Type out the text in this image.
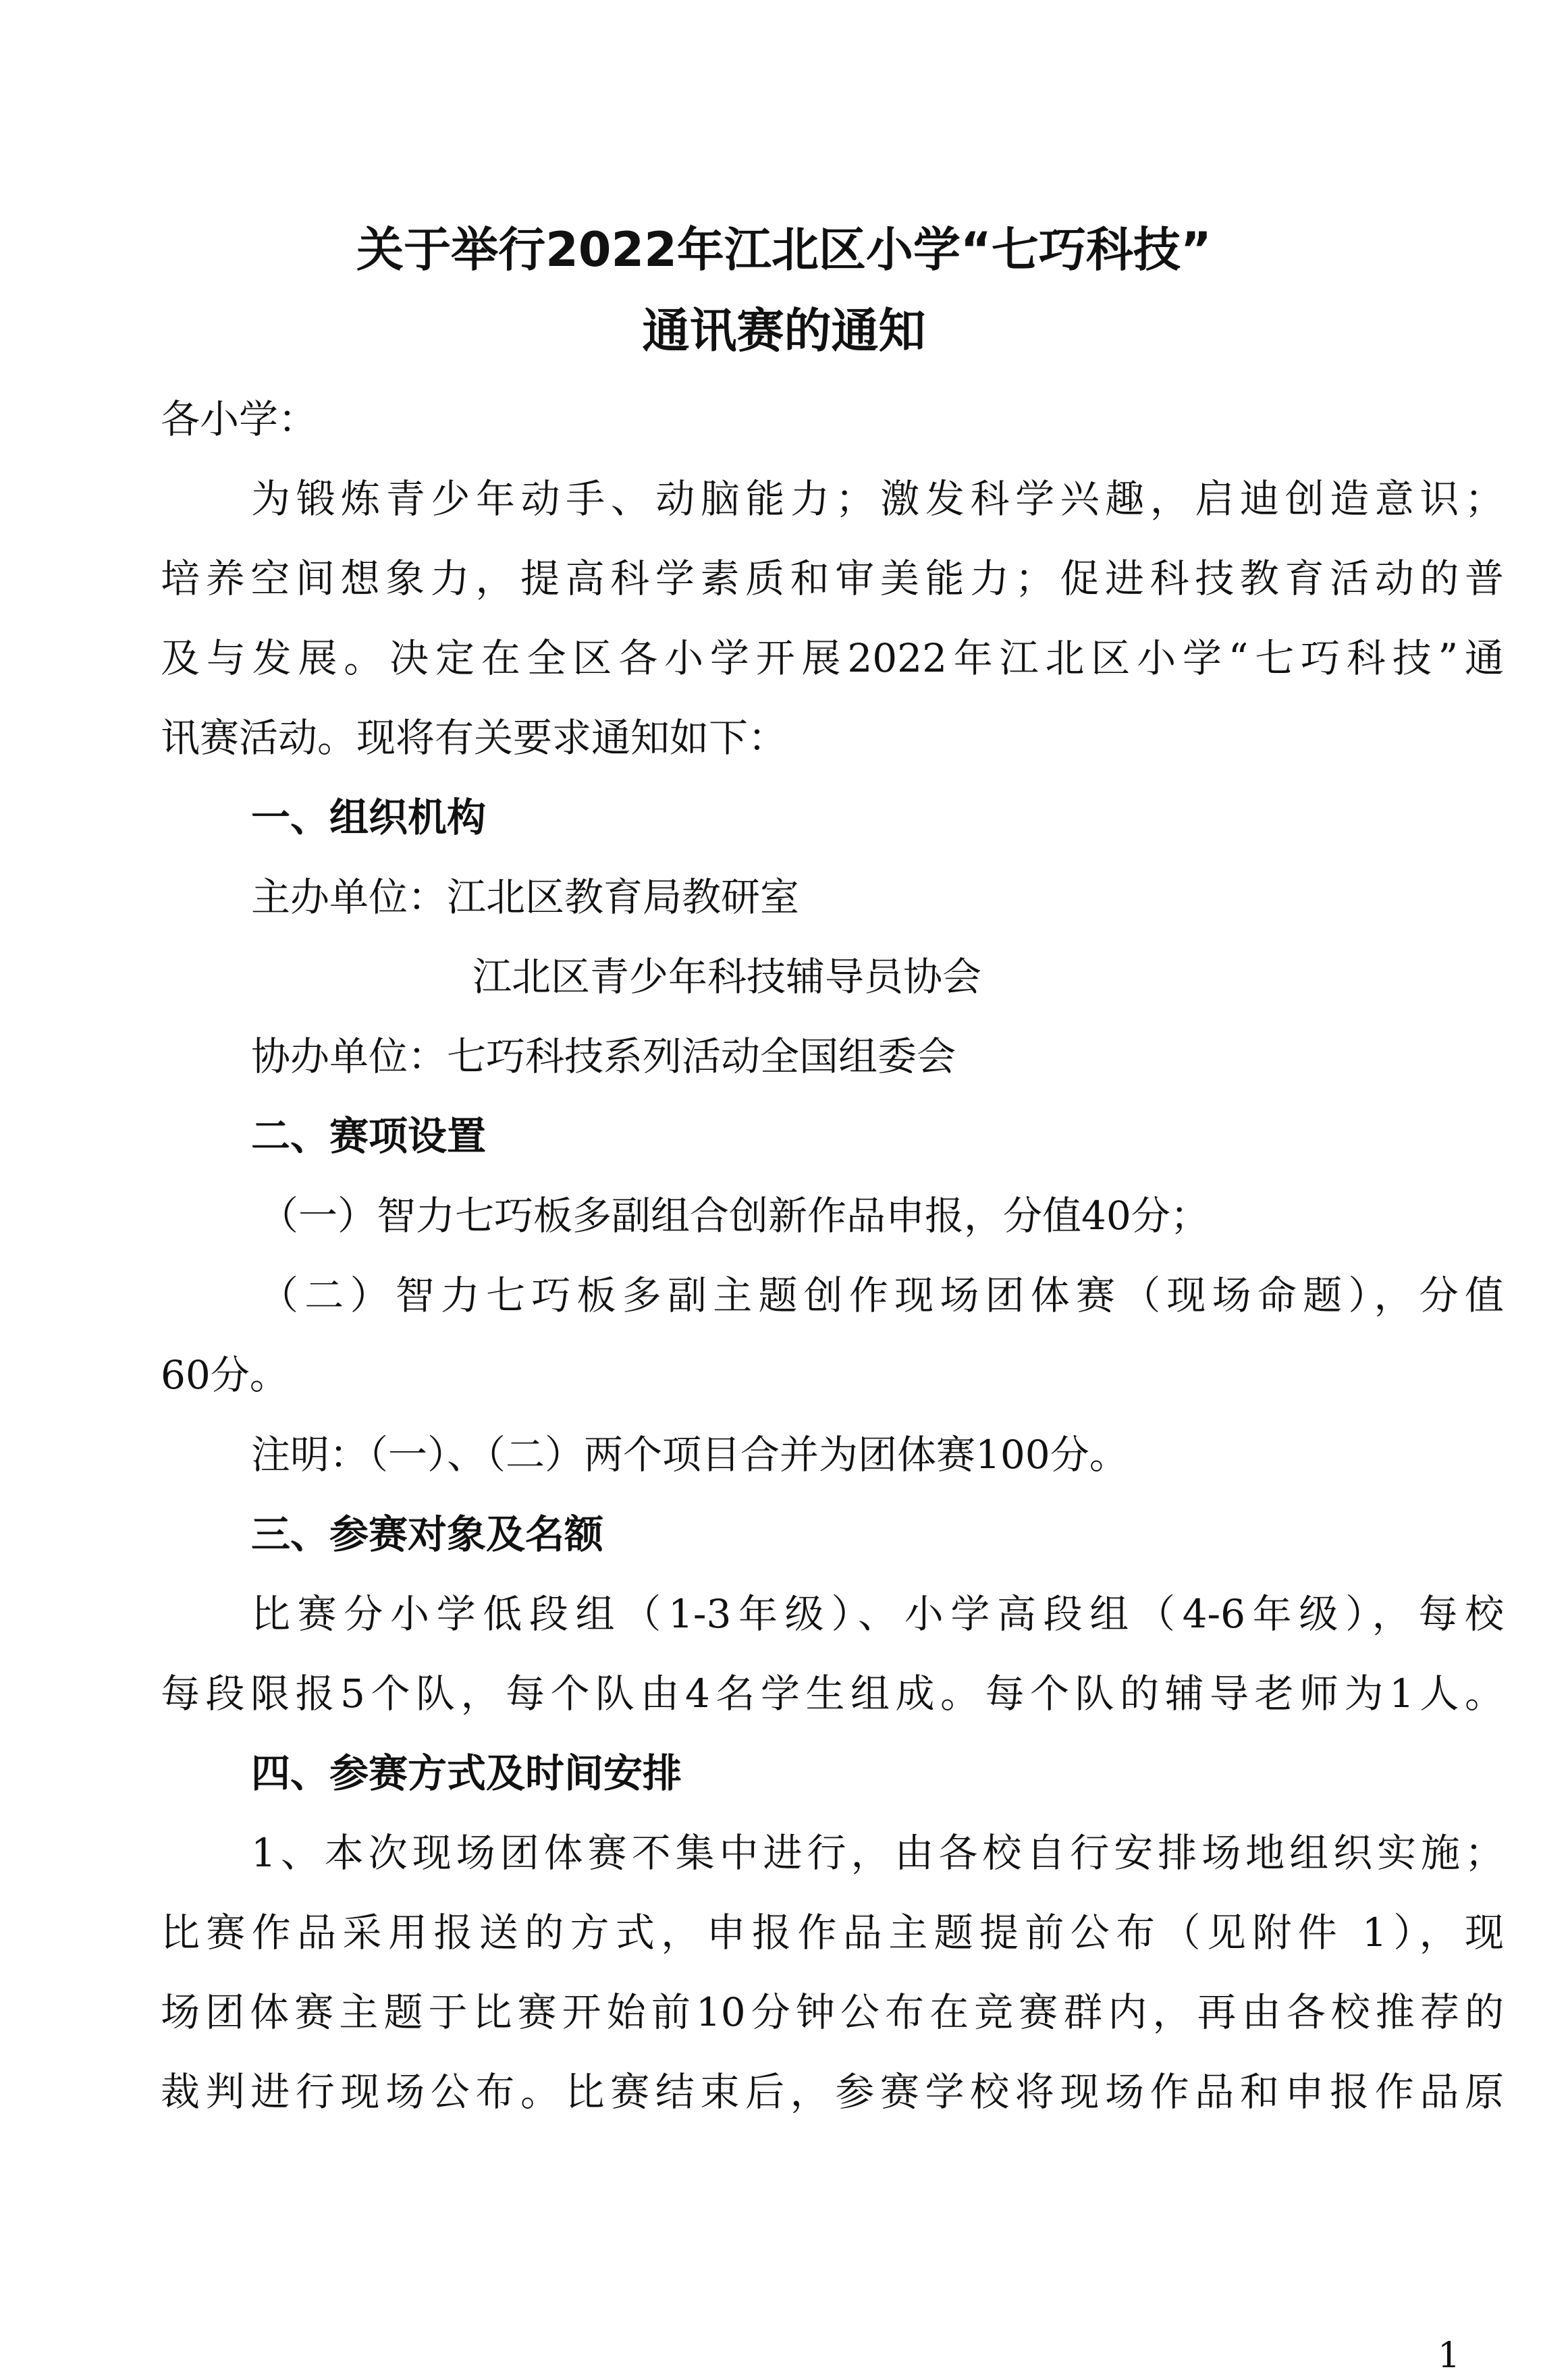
关于举行2022年江北区小学“七巧科技”
通讯赛的通知
各小学：
为锻炼青少年动手、动脑能力；激发科学兴趣，启迪创造意识；
培养空间想象力，提高科学素质和审美能力；促进科技教育活动的普
及与发展。决定在全区各小学开展2022年江北区小学“七巧科技”通
讯赛活动。现将有关要求通知如下：
一、组织机构
主办单位：江北区教育局教研室
江北区青少年科技辅导员协会
协办单位：七巧科技系列活动全国组委会
二、赛项设置
（一）智力七巧板多副组合创新作品申报，分值40分；
（二）智力七巧板多副主题创作现场团体赛（现场命题），分值
60分。
注明：（一）、（二）两个项目合并为团体赛100分。
三、参赛对象及名额
比赛分小学低段组（1-3年级）、小学高段组（4-6年级），每校
每段限报5个队，每个队由4名学生组成。每个队的辅导老师为1人。
四、参赛方式及时间安排
1、本次现场团体赛不集中进行，由各校自行安排场地组织实施；
比赛作品采用报送的方式，申报作品主题提前公布（见附件 1），现
场团体赛主题于比赛开始前10分钟公布在竞赛群内，再由各校推荐的
裁判进行现场公布。比赛结束后，参赛学校将现场作品和申报作品原
1
